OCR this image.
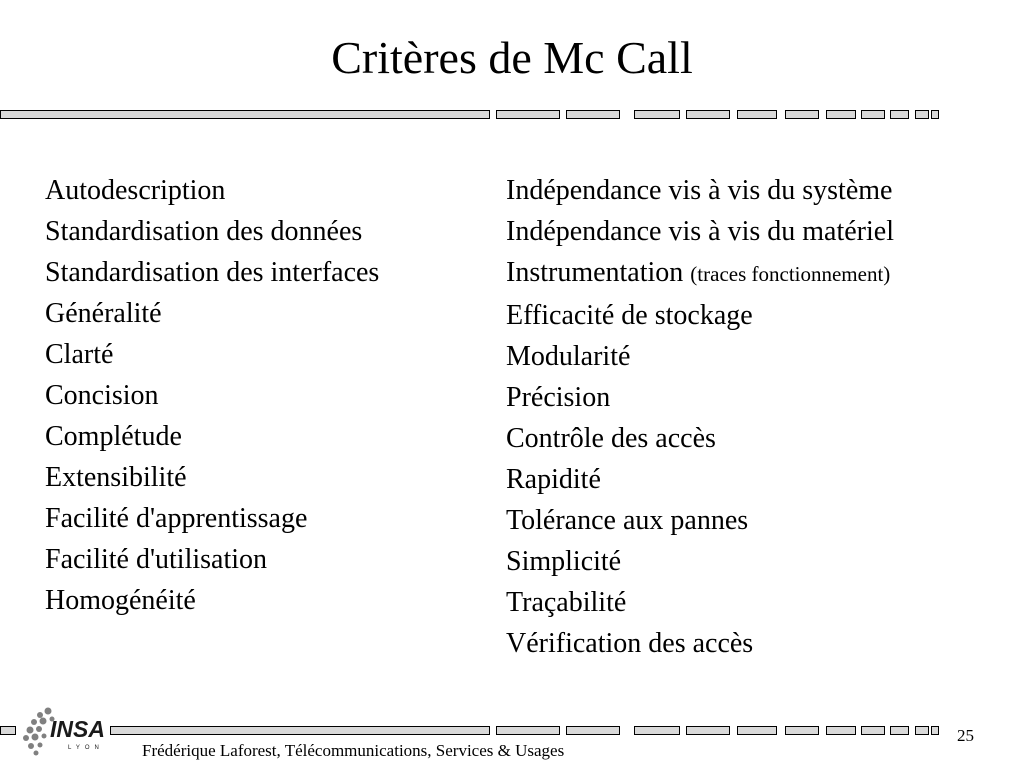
Critères de Mc Call
Autodescription
Standardisation des données
Standardisation des interfaces
Généralité
Clarté
Concision
Complétude
Extensibilité
Facilité d'apprentissage
Facilité d'utilisation
Homogénéité
Indépendance vis à vis du système
Indépendance vis à vis du matériel
Instrumentation (traces fonctionnement)
Efficacité de stockage
Modularité
Précision
Contrôle des accès
Rapidité
Tolérance aux pannes
Simplicité
Traçabilité
Vérification des accès
INSA
LYON
25
Frédérique Laforest, Télécommunications, Services & Usages
